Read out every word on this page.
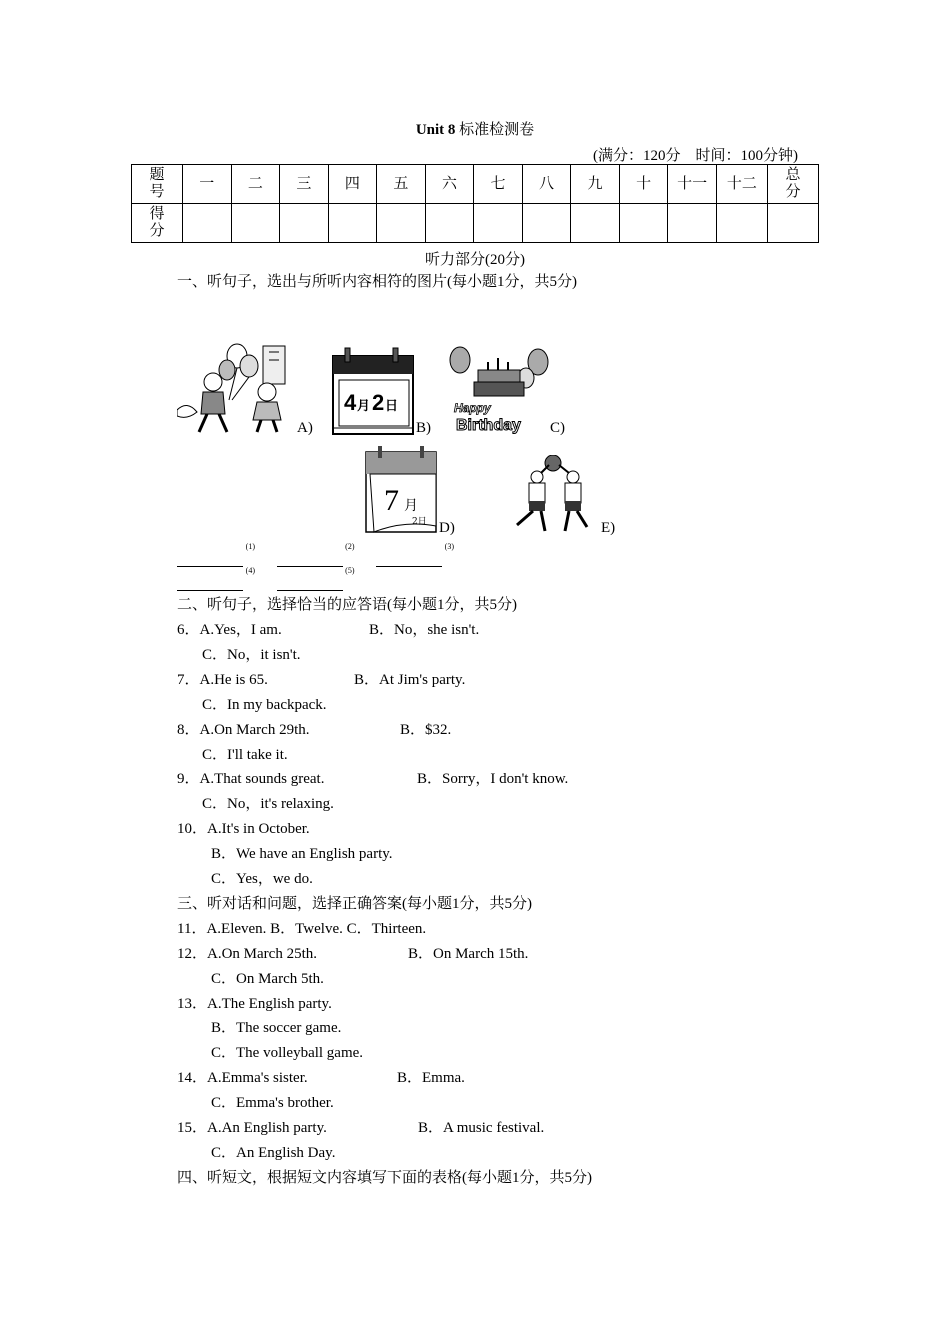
Unit 8 标准检测卷
(满分：120分　时间：100分钟)
题号	一	二	三	四	五	六	七	八	九	十	十一	十二	总分
得分													
听力部分(20分)
一、听句子，选出与所听内容相符的图片(每小题1分，共5分)
A)
4 月 2 日
B)
Happy
Birthday C)
7 月
2日 D)	E)
(1)
	(2)
	(3)
(4)
	(5)
二、听句子，选择恰当的应答语(每小题1分，共5分)
6．A.Yes，I am.	B．No，she isn't.
C．No，it isn't.
7．A.He is 65.	B．At Jim's party.
C．In my backpack.
8．A.On March 29th.	B．$32.
C．I'll take it.
9．A.That sounds great.	B．Sorry，I don't know.
C．No，it's relaxing.
10．A.It's in October.
B．We have an English party.
C．Yes，we do.
三、听对话和问题，选择正确答案(每小题1分，共5分)
11．A.Eleven. B．Twelve. C．Thirteen.
12．A.On March 25th.	B．On March 15th.
C．On March 5th.
13．A.The English party.
B．The soccer game.
C．The volleyball game.
14．A.Emma's sister.	B．Emma.
C．Emma's brother.
15．A.An English party.	B．A music festival.
C．An English Day.
四、听短文，根据短文内容填写下面的表格(每小题1分，共5分)
